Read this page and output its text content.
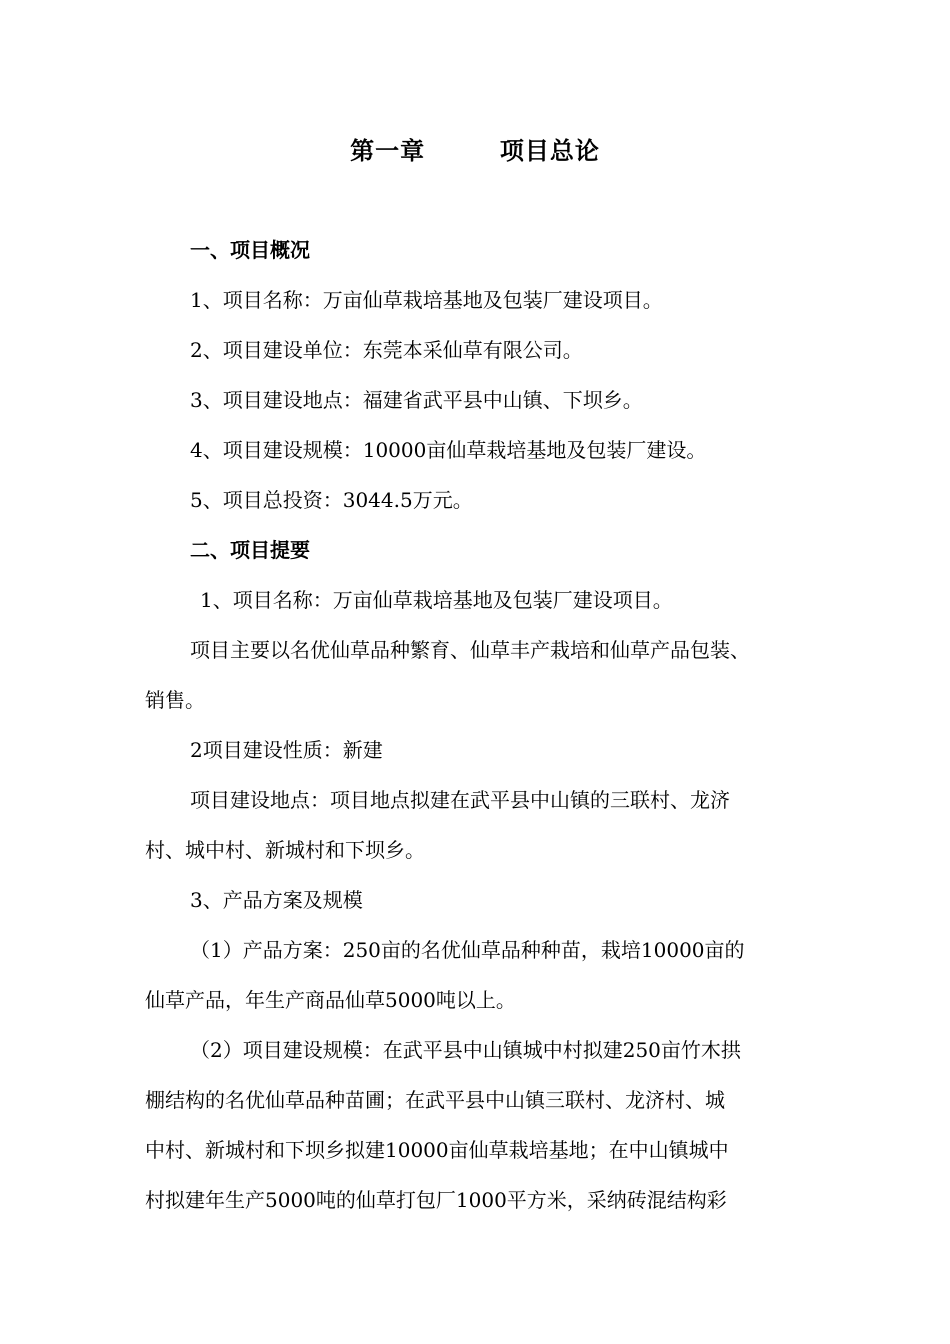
第一章        项目总论
一、项目概况
1、项目名称：万亩仙草栽培基地及包装厂建设项目。
2、项目建设单位：东莞本采仙草有限公司。
3、项目建设地点：福建省武平县中山镇、下坝乡。
4、项目建设规模：10000亩仙草栽培基地及包装厂建设。
5、项目总投资：3044.5万元。
二、项目提要
1、项目名称：万亩仙草栽培基地及包装厂建设项目。
项目主要以名优仙草品种繁育、仙草丰产栽培和仙草产品包装、
销售。
2项目建设性质：新建
项目建设地点：项目地点拟建在武平县中山镇的三联村、龙济
村、城中村、新城村和下坝乡。
3、产品方案及规模
（1）产品方案：250亩的名优仙草品种种苗，栽培10000亩的
仙草产品，年生产商品仙草5000吨以上。
（2）项目建设规模：在武平县中山镇城中村拟建250亩竹木拱
棚结构的名优仙草品种苗圃；在武平县中山镇三联村、龙济村、城
中村、新城村和下坝乡拟建10000亩仙草栽培基地；在中山镇城中
村拟建年生产5000吨的仙草打包厂1000平方米，采纳砖混结构彩
